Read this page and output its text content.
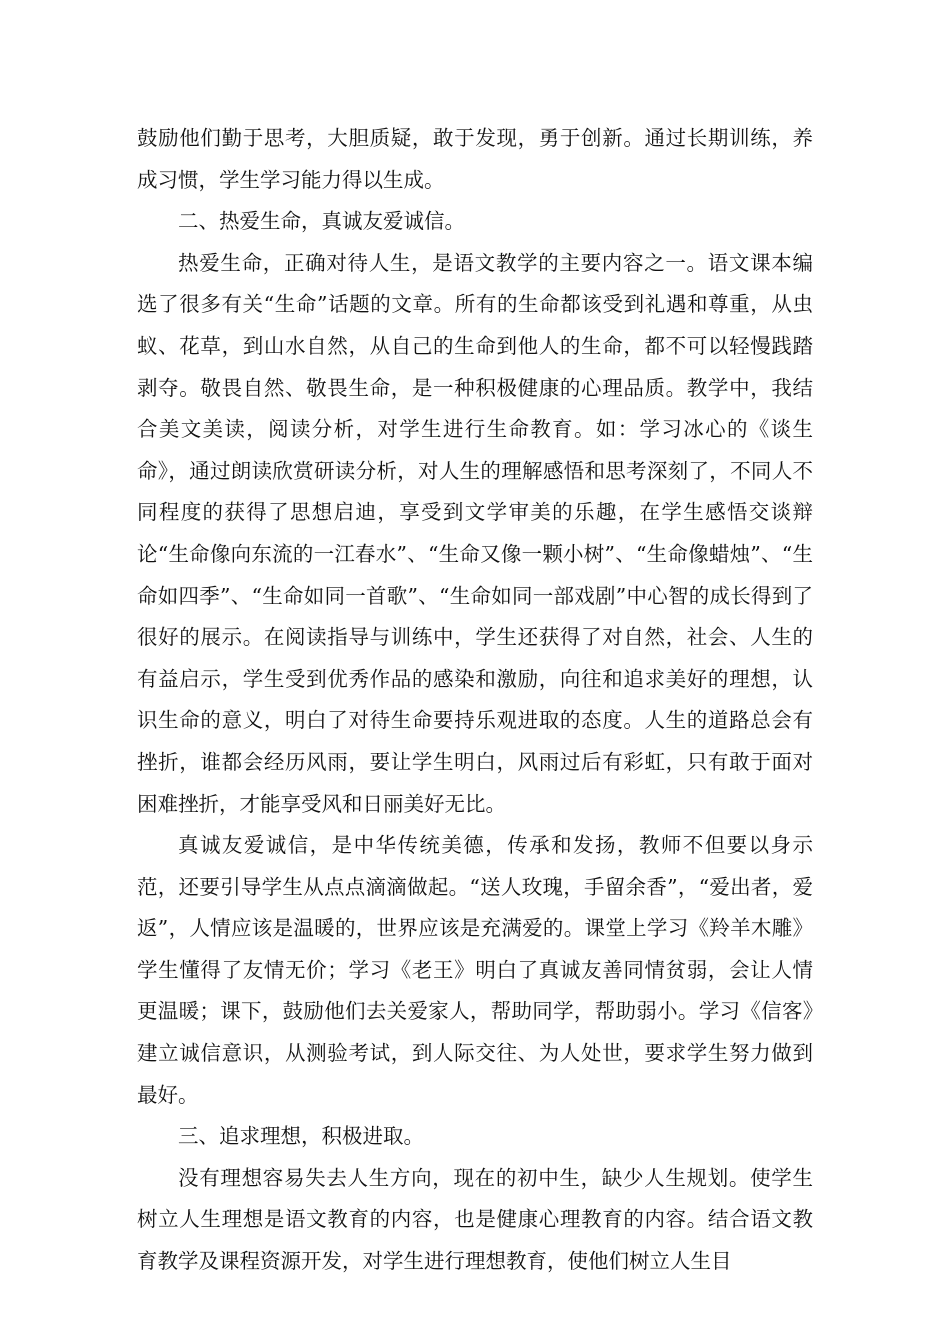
鼓励他们勤于思考，大胆质疑，敢于发现，勇于创新。通过长期训练，养成习惯，学生学习能力得以生成。

二、热爱生命，真诚友爱诚信。

热爱生命，正确对待人生，是语文教学的主要内容之一。语文课本编选了很多有关“生命”话题的文章。所有的生命都该受到礼遇和尊重，从虫蚁、花草，到山水自然，从自己的生命到他人的生命，都不可以轻慢践踏剥夺。敬畏自然、敬畏生命，是一种积极健康的心理品质。教学中，我结合美文美读，阅读分析，对学生进行生命教育。如：学习冰心的《谈生命》，通过朗读欣赏研读分析，对人生的理解感悟和思考深刻了，不同人不同程度的获得了思想启迪，享受到文学审美的乐趣，在学生感悟交谈辩论“生命像向东流的一江春水”、“生命又像一颗小树”、“生命像蜡烛”、“生命如四季”、“生命如同一首歌”、“生命如同一部戏剧”中心智的成长得到了很好的展示。在阅读指导与训练中，学生还获得了对自然，社会、人生的有益启示，学生受到优秀作品的感染和激励，向往和追求美好的理想，认识生命的意义，明白了对待生命要持乐观进取的态度。人生的道路总会有挫折，谁都会经历风雨，要让学生明白，风雨过后有彩虹，只有敢于面对困难挫折，才能享受风和日丽美好无比。

真诚友爱诚信，是中华传统美德，传承和发扬，教师不但要以身示范，还要引导学生从点点滴滴做起。“送人玫瑰，手留余香”，“爱出者，爱返”，人情应该是温暖的，世界应该是充满爱的。课堂上学习《羚羊木雕》学生懂得了友情无价；学习《老王》明白了真诚友善同情贫弱，会让人情更温暖；课下，鼓励他们去关爱家人，帮助同学，帮助弱小。学习《信客》建立诚信意识，从测验考试，到人际交往、为人处世，要求学生努力做到最好。

三、追求理想，积极进取。

没有理想容易失去人生方向，现在的初中生，缺少人生规划。使学生树立人生理想是语文教育的内容，也是健康心理教育的内容。结合语文教育教学及课程资源开发，对学生进行理想教育，使他们树立人生目
